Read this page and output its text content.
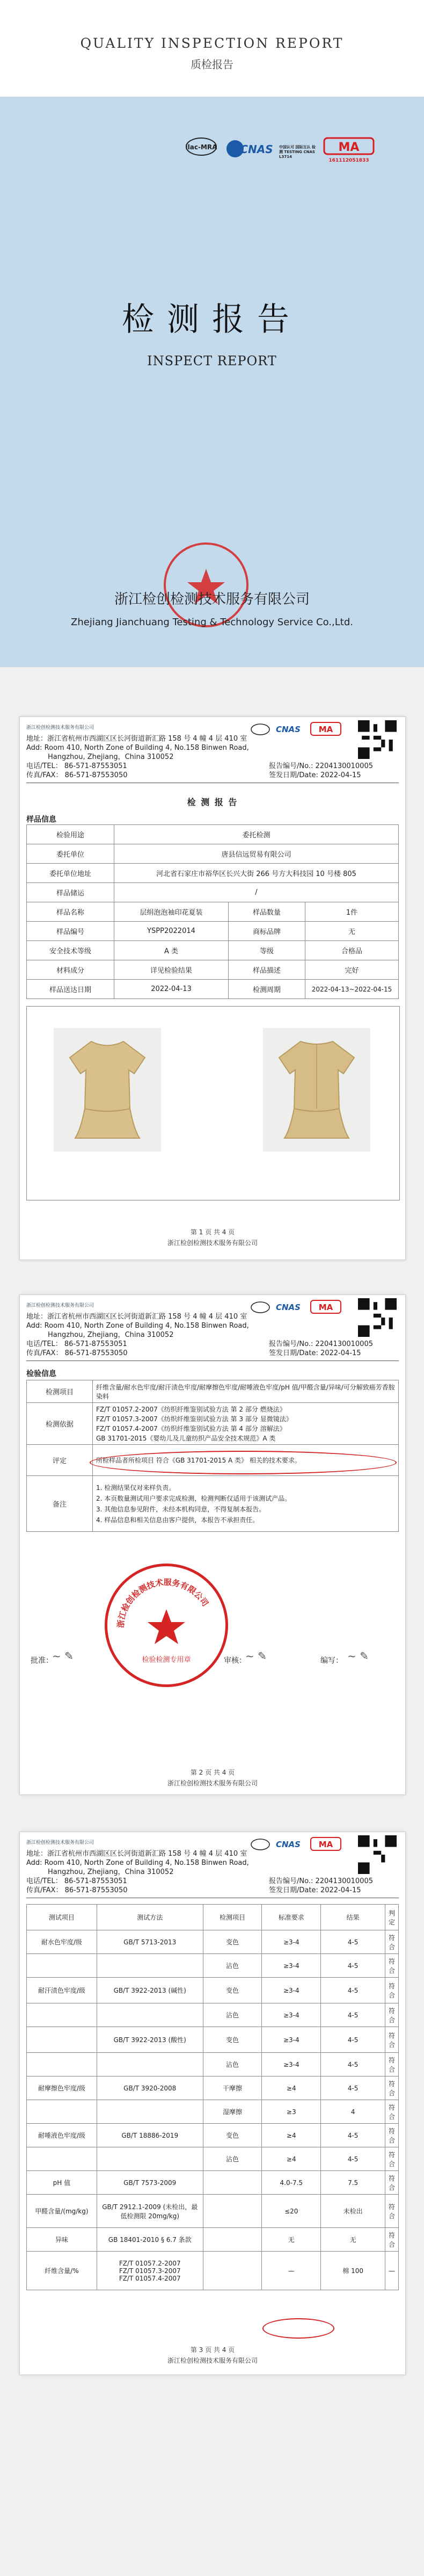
QUALITY INSPECTION REPORT
质检报告
ilac-MRA CNAS 中国认可 国际互认 检测 TESTING CNAS L3714
MA
161112051833
检测报告
INSPECT REPORT
浙江检创检测技术服务有限公司
Zhejiang Jianchuang Testing & Technology Service Co.,Ltd.
浙江检创检测技术服务有限公司	CNAS	MA
地址：浙江省杭州市西湖区区长河街道新汇路 158 号 4 幢 4 层 410 室
Add: Room 410, North Zone of Building 4, No.158 Binwen Road,
Hangzhou, Zhejiang，China 310052
电话/TEL： 86-571-87553051
传真/FAX： 86-571-87553050
报告编号/No.: 2204130010005
签发日期/Date: 2022-04-15
检 测 报 告
样品信息
检验用途	委托检测		
委托单位	唐县信远贸易有限公司		
委托单位地址	河北省石家庄市裕华区长兴大街 266 号方大科技园 10 号楼 805		
样品储运	/		
样品名称	层绢泡泡袖印花夏装	样品数量	1件
样品编号	YSPP2022014	商标品牌	无
安全技术等级	A 类	等级	合格品
材料成分	详见检验结果	样品描述	完好
样品送达日期	2022-04-13	检测周期	2022-04-13~2022-04-15
第 1 页 共 4 页
浙江检创检测技术服务有限公司
浙江检创检测技术服务有限公司	CNAS	MA
地址：浙江省杭州市西湖区区长河街道新汇路 158 号 4 幢 4 层 410 室
Add: Room 410, North Zone of Building 4, No.158 Binwen Road,
Hangzhou, Zhejiang，China 310052
电话/TEL： 86-571-87553051
传真/FAX： 86-571-87553050
报告编号/No.: 2204130010005
签发日期/Date: 2022-04-15
检验信息
检测项目	纤维含量/耐水色牢度/耐汗渍色牢度/耐摩擦色牢度/耐唾液色牢度/pH 值/甲醛含量/异味/可分解致癌芳香胺染料
检测依据	FZ/T 01057.2-2007《纺织纤维鉴别试验方法 第 2 部分 燃烧法》
FZ/T 01057.3-2007《纺织纤维鉴别试验方法 第 3 部分 显微镜法》
FZ/T 01057.4-2007《纺织纤维鉴别试验方法 第 4 部分 溶解法》
GB 31701-2015《婴幼儿及儿童纺织产品安全技术规范》A 类
评定	所检样品者所检项目 符合《GB 31701-2015 A 类》 相关的技术要求。
备注	1. 检测结果仅对来样负责。
2. 本页数量测试用户要求完成检测，检测判断仅适用于该测试产品。
3. 其他信息参见附件，未经本机构同意，不得复制本报告。
4. 样品信息和相关信息由客户提供，本报告不承担责任。
浙江检创检测技术服务有限公司
检验检测专用章
批准：
~ ✎	审核：
~ ✎	编写： ~ ✎
第 2 页 共 4 页
浙江检创检测技术服务有限公司
浙江检创检测技术服务有限公司	CNAS	MA
地址：浙江省杭州市西湖区区长河街道新汇路 158 号 4 幢 4 层 410 室
Add: Room 410, North Zone of Building 4, No.158 Binwen Road,
Hangzhou, Zhejiang，China 310052
电话/TEL： 86-571-87553051
传真/FAX： 86-571-87553050
报告编号/No.: 2204130010005
签发日期/Date: 2022-04-15
测试项目	测试方法	检测项目	标准要求	结果	判定
耐水色牢度/级	GB/T 5713-2013	变色	≥3-4	4-5	符合
		沾色	≥3-4	4-5	符合
耐汗渍色牢度/级	GB/T 3922-2013 (碱性)	变色	≥3-4	4-5	符合
		沾色	≥3-4	4-5	符合
	GB/T 3922-2013 (酸性)	变色	≥3-4	4-5	符合
		沾色	≥3-4	4-5	符合
耐摩擦色牢度/级	GB/T 3920-2008	干摩擦	≥4	4-5	符合
		湿摩擦	≥3	4	符合
耐唾液色牢度/级	GB/T 18886-2019	变色	≥4	4-5	符合
		沾色	≥4	4-5	符合
pH 值	GB/T 7573-2009		4.0-7.5	7.5	符合
甲醛含量/(mg/kg)	GB/T 2912.1-2009 (未检出，最低检测限 20mg/kg)		≤20	未检出	符合
异味	GB 18401-2010 § 6.7 条款		无	无	符合
纤维含量/%	FZ/T 01057.2-2007
FZ/T 01057.3-2007
FZ/T 01057.4-2007		—	棉 100	—
第 3 页 共 4 页
浙江检创检测技术服务有限公司
